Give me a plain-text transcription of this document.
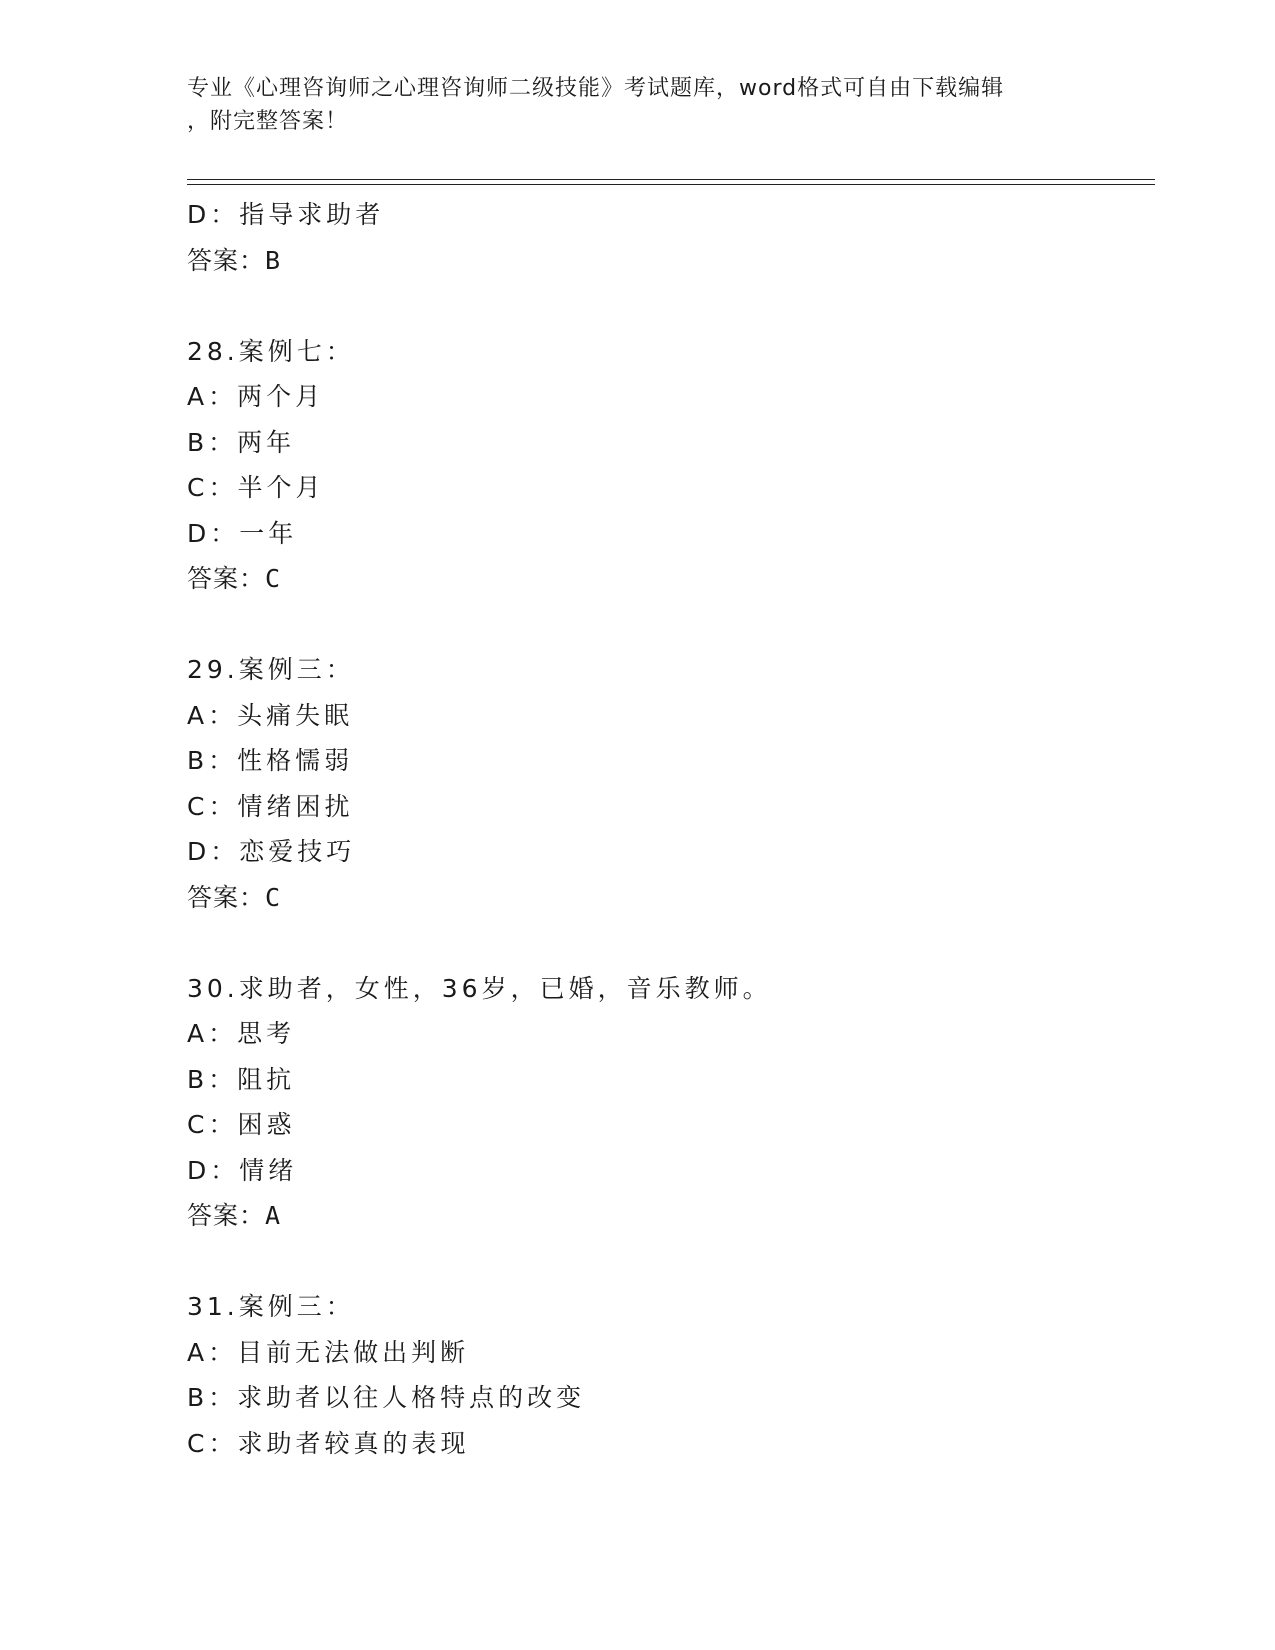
专业《心理咨询师之心理咨询师二级技能》考试题库，word格式可自由下载编辑
，附完整答案！
D：指导求助者
答案：B
28.案例七：
A：两个月
B：两年
C：半个月
D：一年
答案：C
29.案例三：
A：头痛失眠
B：性格懦弱
C：情绪困扰
D：恋爱技巧
答案：C
30.求助者，女性，36岁，已婚，音乐教师。
A：思考
B：阻抗
C：困惑
D：情绪
答案：A
31.案例三：
A：目前无法做出判断
B：求助者以往人格特点的改变
C：求助者较真的表现
